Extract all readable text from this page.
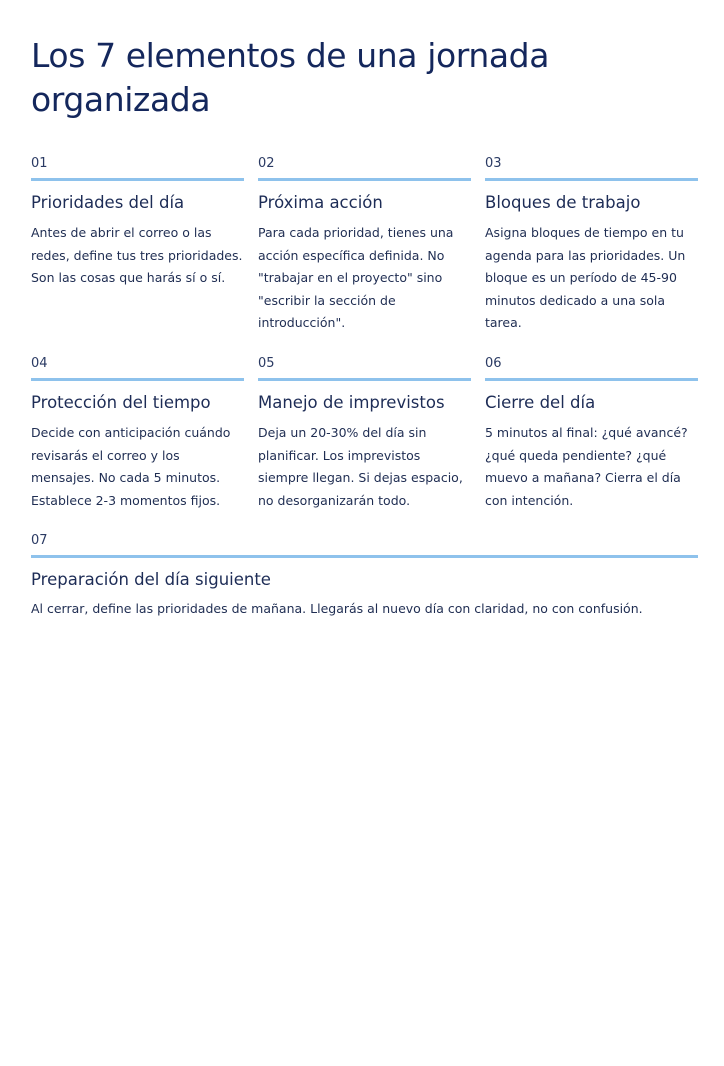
Los 7 elementos de una jornada organizada
01
Prioridades del día
Antes de abrir el correo o las redes, define tus tres prioridades. Son las cosas que harás sí o sí.
02
Próxima acción
Para cada prioridad, tienes una acción específica definida. No "trabajar en el proyecto" sino "escribir la sección de introducción".
03
Bloques de trabajo
Asigna bloques de tiempo en tu agenda para las prioridades. Un bloque es un período de 45-90 minutos dedicado a una sola tarea.
04
Protección del tiempo
Decide con anticipación cuándo revisarás el correo y los mensajes. No cada 5 minutos. Establece 2-3 momentos fijos.
05
Manejo de imprevistos
Deja un 20-30% del día sin planificar. Los imprevistos siempre llegan. Si dejas espacio, no desorganizarán todo.
06
Cierre del día
5 minutos al final: ¿qué avancé? ¿qué queda pendiente? ¿qué muevo a mañana? Cierra el día con intención.
07
Preparación del día siguiente
Al cerrar, define las prioridades de mañana. Llegarás al nuevo día con claridad, no con confusión.
